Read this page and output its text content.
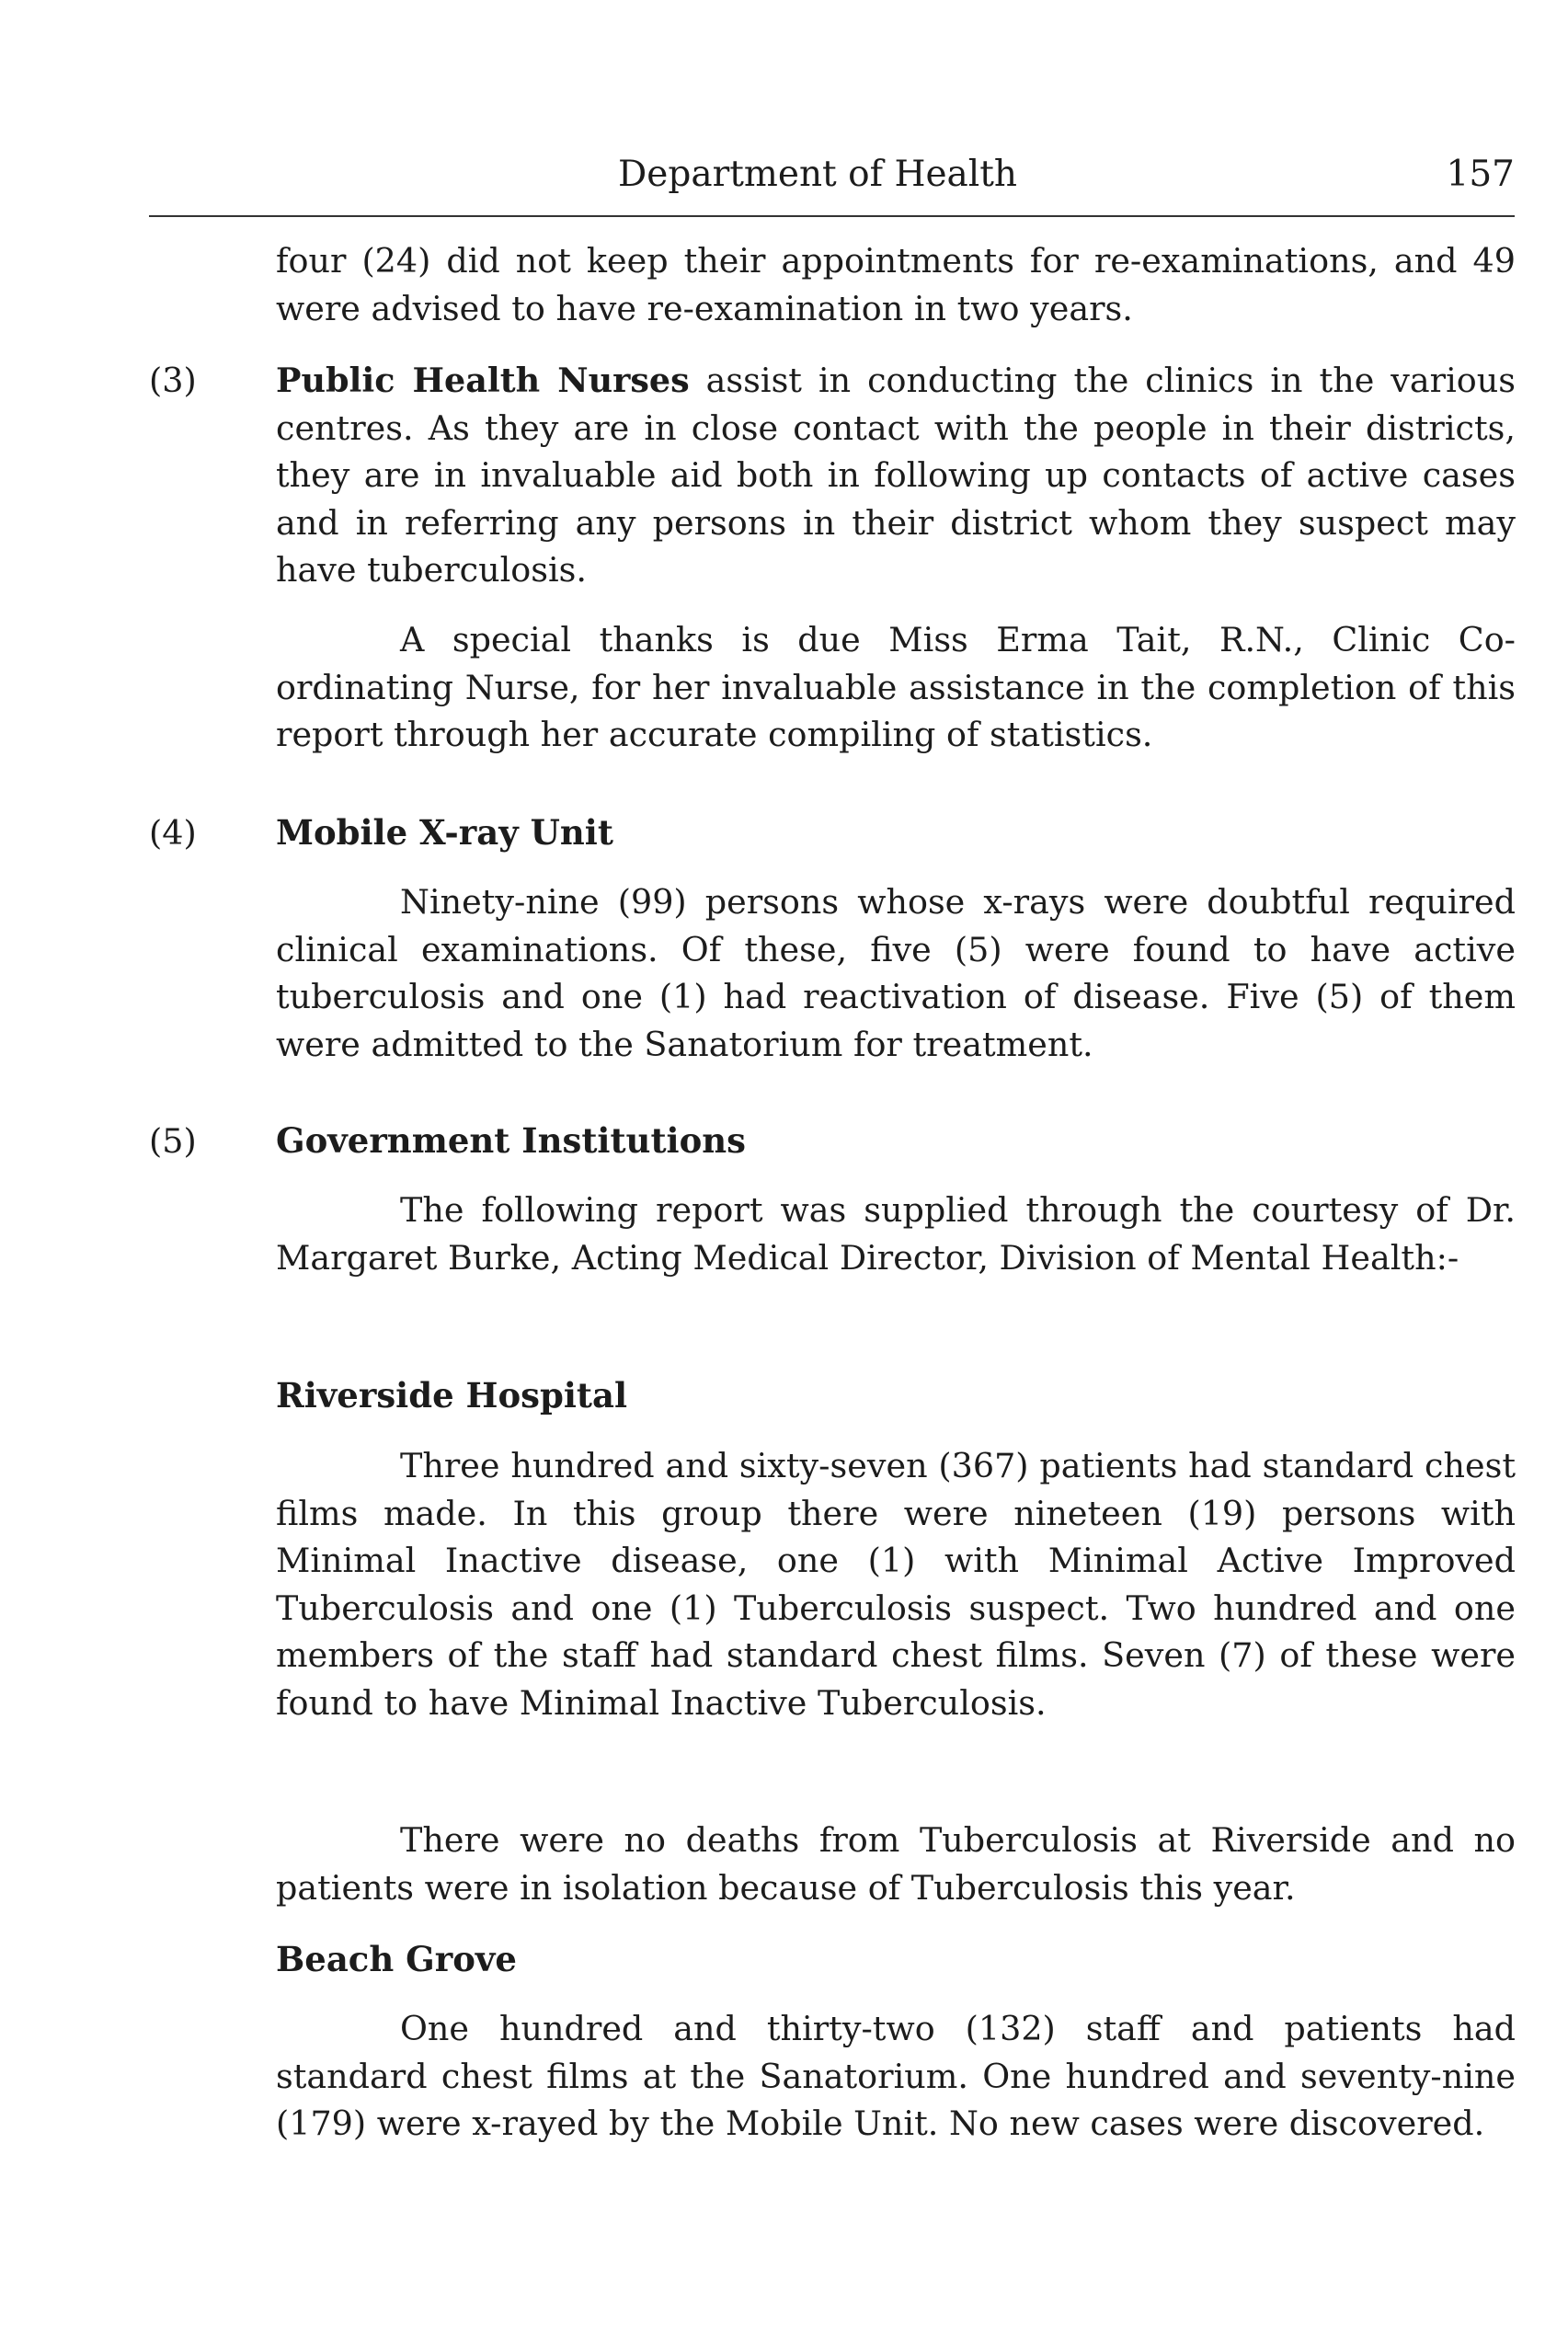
Department of Health	157

four (24) did not keep their appointments for re-examinations, and 49 were advised to have re-examination in two years.

(3) Public Health Nurses assist in conducting the clinics in the various centres. As they are in close contact with the people in their districts, they are in invaluable aid both in following up contacts of active cases and in referring any persons in their district whom they suspect may have tuberculosis.

A special thanks is due Miss Erma Tait, R.N., Clinic Co-ordinating Nurse, for her invaluable assistance in the completion of this report through her accurate compiling of statistics.

(4) Mobile X-ray Unit

Ninety-nine (99) persons whose x-rays were doubtful required clinical examinations. Of these, five (5) were found to have active tuberculosis and one (1) had reactivation of disease. Five (5) of them were admitted to the Sanatorium for treatment.

(5) Government Institutions

The following report was supplied through the courtesy of Dr. Margaret Burke, Acting Medical Director, Division of Mental Health:-

Riverside Hospital

Three hundred and sixty-seven (367) patients had standard chest films made. In this group there were nineteen (19) persons with Minimal Inactive disease, one (1) with Minimal Active Improved Tuberculosis and one (1) Tuberculosis suspect. Two hundred and one members of the staff had standard chest films. Seven (7) of these were found to have Minimal Inactive Tuberculosis.

There were no deaths from Tuberculosis at Riverside and no patients were in isolation because of Tuberculosis this year.

Beach Grove

One hundred and thirty-two (132) staff and patients had standard chest films at the Sanatorium. One hundred and seventy-nine (179) were x-rayed by the Mobile Unit. No new cases were discovered.
